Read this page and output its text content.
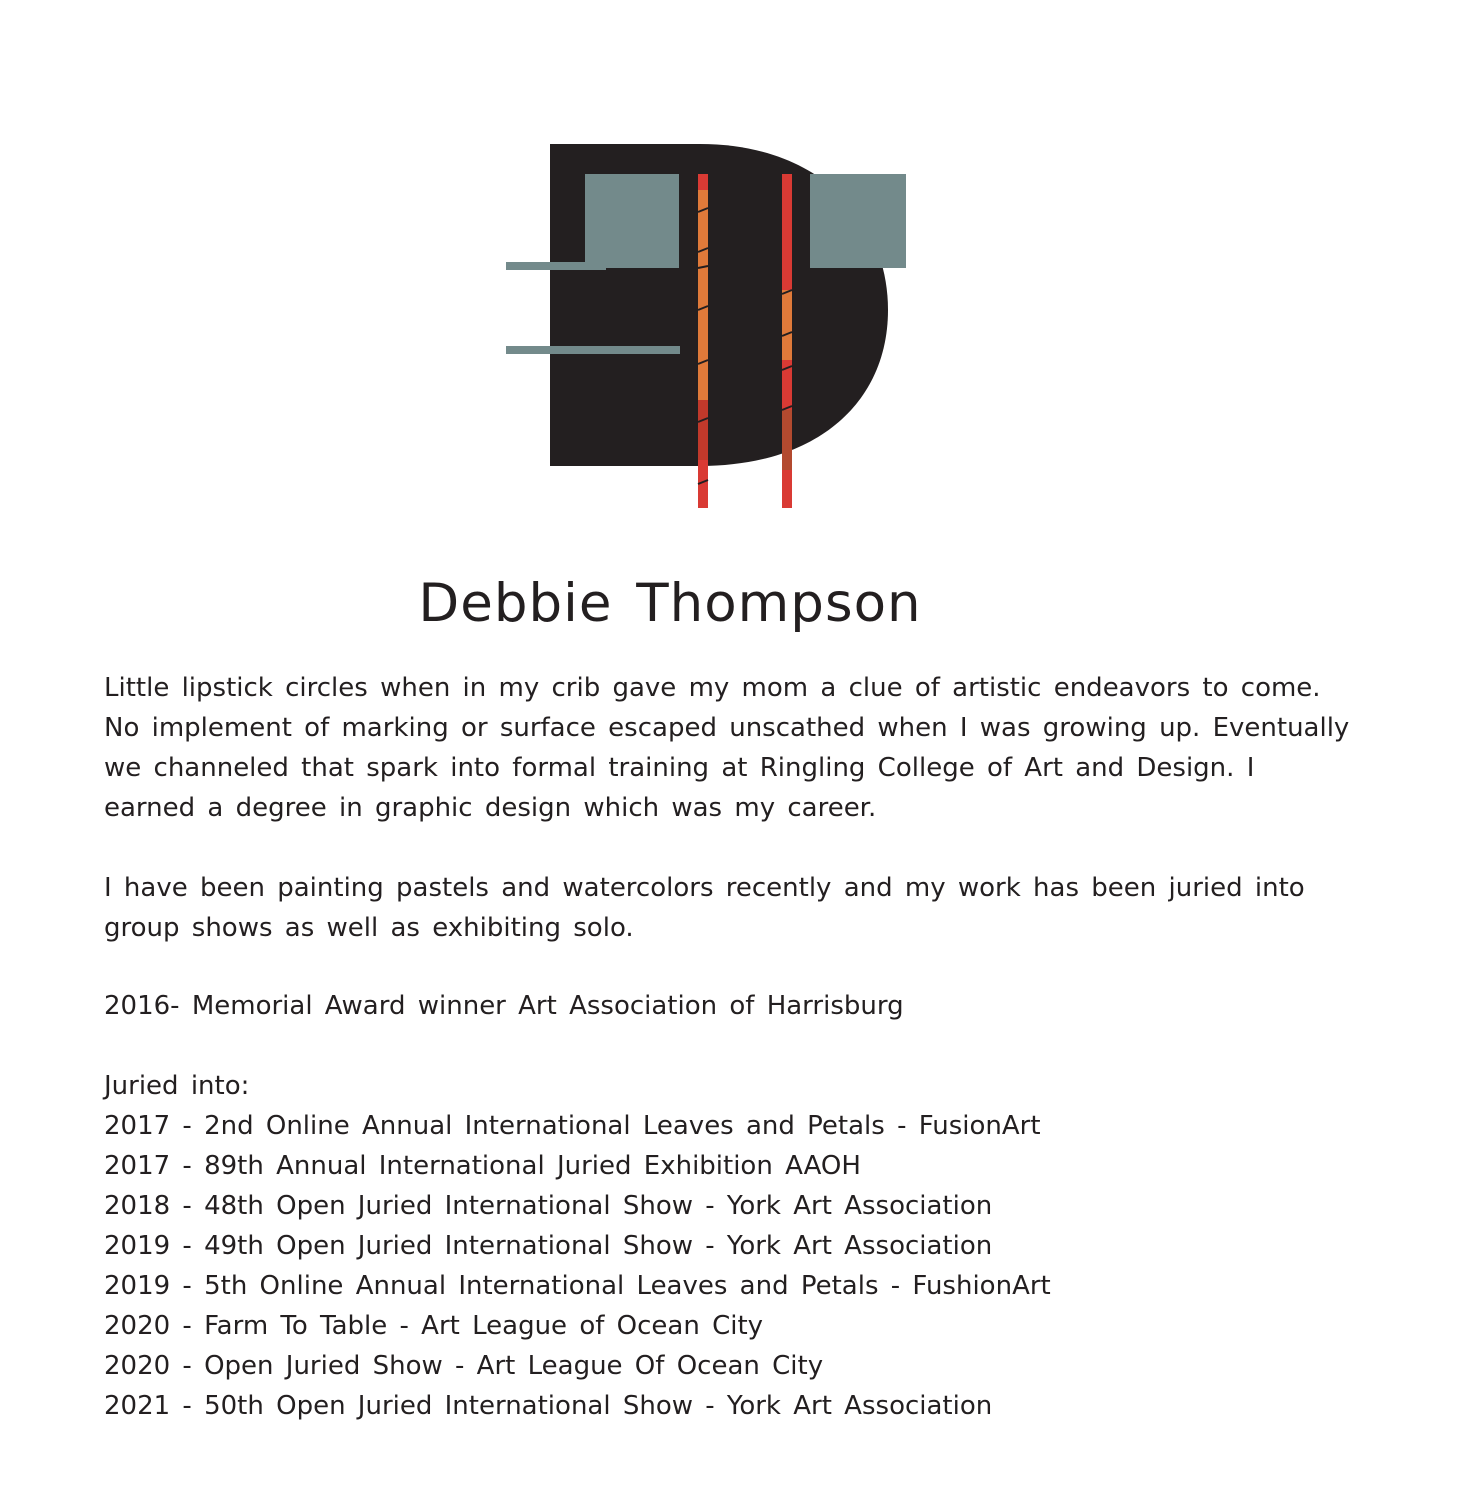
Debbie Thompson

Little lipstick circles when in my crib gave my mom a clue of artistic endeavors to come.
No implement of marking or surface escaped unscathed when I was growing up. Eventually
we channeled that spark into formal training at Ringling College of Art and Design. I
earned a degree in graphic design which was my career.

I have been painting pastels and watercolors recently and my work has been juried into
group shows as well as exhibiting solo.

2016- Memorial Award winner Art Association of Harrisburg
Juried into:
2017 - 2nd Online Annual International Leaves and Petals - FusionArt
2017 - 89th Annual International Juried Exhibition AAOH
2018 - 48th Open Juried International Show - York Art Association
2019 - 49th Open Juried International Show - York Art Association
2019 - 5th Online Annual International Leaves and Petals - FushionArt
2020 - Farm To Table - Art League of Ocean City
2020 - Open Juried Show - Art League Of Ocean City
2021 - 50th Open Juried International Show - York Art Association
